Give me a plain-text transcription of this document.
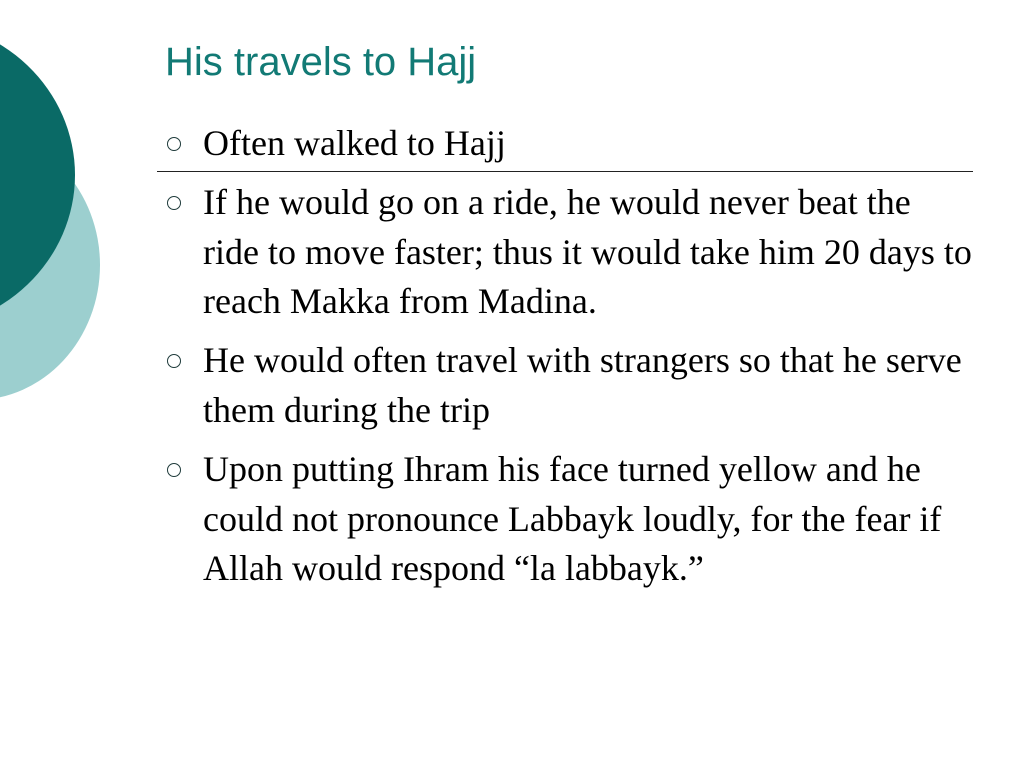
His travels to Hajj
Often walked to Hajj
If he would go on a ride, he would never beat the ride to move faster; thus it would take him 20 days to reach Makka from Madina.
He would often travel with strangers so that he serve them during the trip
Upon putting Ihram his face turned yellow and he could not pronounce Labbayk loudly, for the fear if Allah would respond “la labbayk.”
